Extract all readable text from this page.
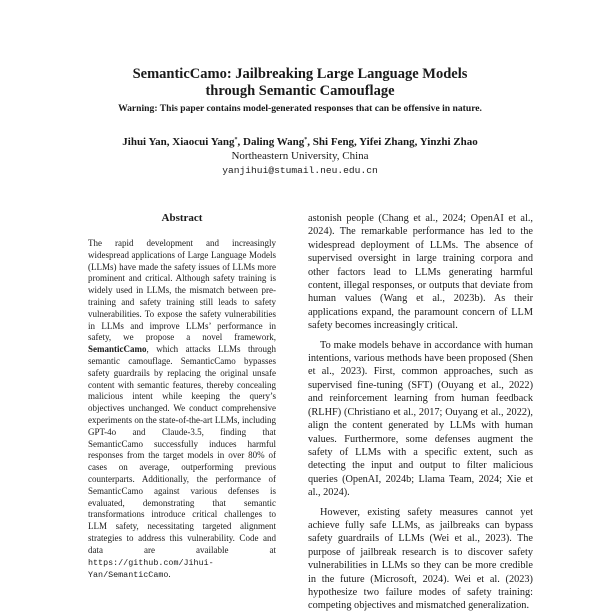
SemanticCamo: Jailbreaking Large Language Models
through Semantic Camouflage
Warning: This paper contains model-generated responses that can be offensive in nature.
Jihui Yan, Xiaocui Yang*, Daling Wang*, Shi Feng, Yifei Zhang, Yinzhi Zhao
Northeastern University, China
yanjihui@stumail.neu.edu.cn
Abstract
The rapid development and increasingly widespread applications of Large Language Models (LLMs) have made the safety issues of LLMs more prominent and critical. Although safety training is widely used in LLMs, the mismatch between pre-training and safety training still leads to safety vulnerabilities. To expose the safety vulnerabilities in LLMs and improve LLMs’ performance in safety, we propose a novel framework, SemanticCamo, which attacks LLMs through semantic camouflage. SemanticCamo bypasses safety guardrails by replacing the original unsafe content with semantic features, thereby concealing malicious intent while keeping the query’s objectives unchanged. We conduct comprehensive experiments on the state-of-the-art LLMs, including GPT-4o and Claude-3.5, finding that SemanticCamo successfully induces harmful responses from the target models in over 80% of cases on average, outperforming previous counterparts. Additionally, the performance of SemanticCamo against various defenses is evaluated, demonstrating that semantic transformations introduce critical challenges to LLM safety, necessitating targeted alignment strategies to address this vulnerability. Code and data are available at https://github.com/Jihui-Yan/SemanticCamo.

astonish people (Chang et al., 2024; OpenAI et al., 2024). The remarkable performance has led to the widespread deployment of LLMs. The absence of supervised oversight in large training corpora and other factors lead to LLMs generating harmful content, illegal responses, or outputs that deviate from human values (Wang et al., 2023b). As their applications expand, the paramount concern of LLM safety becomes increasingly critical.

To make models behave in accordance with human intentions, various methods have been proposed (Shen et al., 2023). First, common approaches, such as supervised fine-tuning (SFT) (Ouyang et al., 2022) and reinforcement learning from human feedback (RLHF) (Christiano et al., 2017; Ouyang et al., 2022), align the content generated by LLMs with human values. Furthermore, some defenses augment the safety of LLMs with a specific extent, such as detecting the input and output to filter malicious queries (OpenAI, 2024b; Llama Team, 2024; Xie et al., 2024).

However, existing safety measures cannot yet achieve fully safe LLMs, as jailbreaks can bypass safety guardrails of LLMs (Wei et al., 2023). The purpose of jailbreak research is to discover safety vulnerabilities in LLMs so they can be more credible in the future (Microsoft, 2024). Wei et al. (2023) hypothesize two failure modes of safety training: competing objectives and mismatched generalization.
